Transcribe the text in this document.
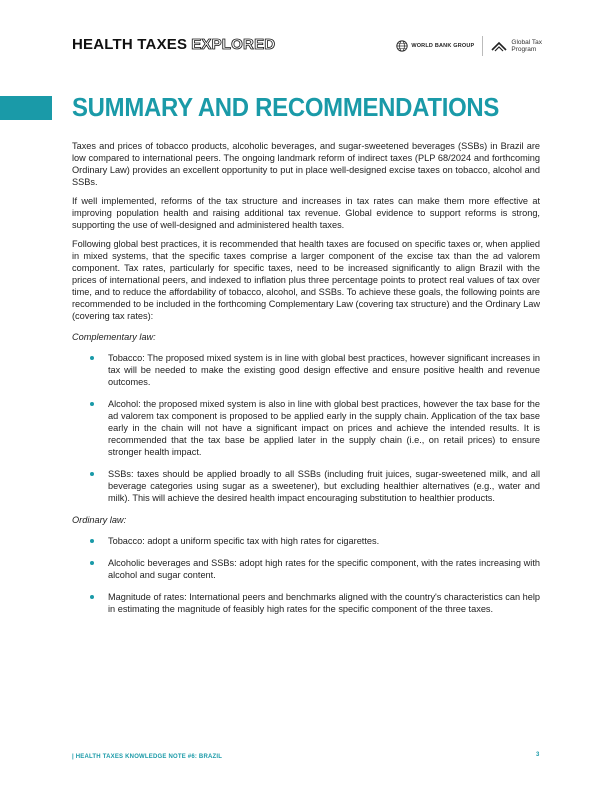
HEALTH TAXES EXPLORED	WORLD BANK GROUP	Global Tax
Program
SUMMARY AND RECOMMENDATIONS

Taxes and prices of tobacco products, alcoholic beverages, and sugar-sweetened beverages (SSBs) in Brazil are low compared to international peers. The ongoing landmark reform of indirect taxes (PLP 68/2024 and forthcoming Ordinary Law) provides an excellent opportunity to put in place well-designed excise taxes on tobacco, alcohol and SSBs.

If well implemented, reforms of the tax structure and increases in tax rates can make them more effective at improving population health and raising additional tax revenue. Global evidence to support reforms is strong, supporting the use of well-designed and administered health taxes.

Following global best practices, it is recommended that health taxes are focused on specific taxes or, when applied in mixed systems, that the specific taxes comprise a larger component of the excise tax than the ad valorem component. Tax rates, particularly for specific taxes, need to be increased significantly to align Brazil with the prices of international peers, and indexed to inflation plus three percentage points to protect real values of tax over time, and to reduce the affordability of tobacco, alcohol, and SSBs. To achieve these goals, the following points are recommended to be included in the forthcoming Complementary Law (covering tax structure) and the Ordinary Law (covering tax rates):

Complementary law:

Tobacco: The proposed mixed system is in line with global best practices, however significant increases in tax will be needed to make the existing good design effective and ensure positive health and revenue outcomes.
Alcohol: the proposed mixed system is also in line with global best practices, however the tax base for the ad valorem tax component is proposed to be applied early in the supply chain. Application of the tax base early in the chain will not have a significant impact on prices and achieve the intended results. It is recommended that the tax base be applied later in the supply chain (i.e., on retail prices) to ensure stronger health impact.
SSBs: taxes should be applied broadly to all SSBs (including fruit juices, sugar-sweetened milk, and all beverage categories using sugar as a sweetener), but excluding healthier alternatives (e.g., water and milk). This will achieve the desired health impact encouraging substitution to healthier products.

Ordinary law:

Tobacco: adopt a uniform specific tax with high rates for cigarettes.
Alcoholic beverages and SSBs: adopt high rates for the specific component, with the rates increasing with alcohol and sugar content.
Magnitude of rates: International peers and benchmarks aligned with the country's characteristics can help in estimating the magnitude of feasibly high rates for the specific component of the three taxes.
| HEALTH TAXES KNOWLEDGE NOTE #6: BRAZIL	3
